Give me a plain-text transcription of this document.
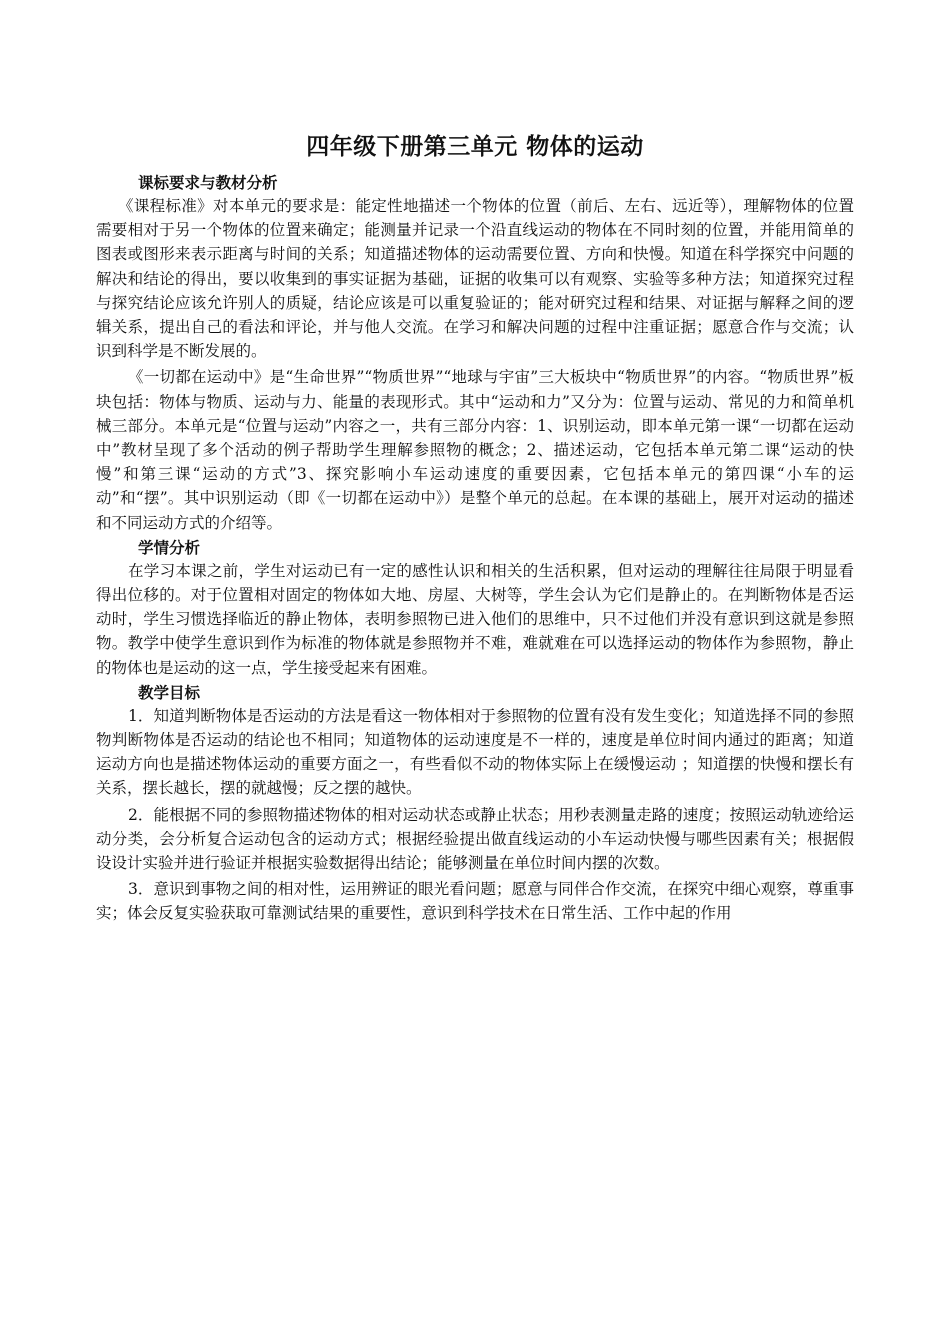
四年级下册第三单元 物体的运动
课标要求与教材分析

《课程标准》对本单元的要求是：能定性地描述一个物体的位置（前后、左右、远近等），理解物体的位置需要相对于另一个物体的位置来确定；能测量并记录一个沿直线运动的物体在不同时刻的位置，并能用简单的图表或图形来表示距离与时间的关系；知道描述物体的运动需要位置、方向和快慢。知道在科学探究中问题的解决和结论的得出，要以收集到的事实证据为基础，证据的收集可以有观察、实验等多种方法；知道探究过程与探究结论应该允许别人的质疑，结论应该是可以重复验证的；能对研究过程和结果、对证据与解释之间的逻辑关系，提出自己的看法和评论，并与他人交流。在学习和解决问题的过程中注重证据；愿意合作与交流；认识到科学是不断发展的。

《一切都在运动中》是“生命世界”“物质世界”“地球与宇宙”三大板块中“物质世界”的内容。“物质世界”板块包括：物体与物质、运动与力、能量的表现形式。其中“运动和力”又分为：位置与运动、常见的力和简单机械三部分。本单元是“位置与运动”内容之一，共有三部分内容：1、识别运动，即本单元第一课“一切都在运动中”教材呈现了多个活动的例子帮助学生理解参照物的概念；2、描述运动，它包括本单元第二课“运动的快慢”和第三课“运动的方式”3、探究影响小车运动速度的重要因素，它包括本单元的第四课“小车的运动”和“摆”。其中识别运动（即《一切都在运动中》）是整个单元的总起。在本课的基础上，展开对运动的描述和不同运动方式的介绍等。

学情分析

在学习本课之前，学生对运动已有一定的感性认识和相关的生活积累，但对运动的理解往往局限于明显看得出位移的。对于位置相对固定的物体如大地、房屋、大树等，学生会认为它们是静止的。在判断物体是否运动时，学生习惯选择临近的静止物体，表明参照物已进入他们的思维中，只不过他们并没有意识到这就是参照物。教学中使学生意识到作为标准的物体就是参照物并不难，难就难在可以选择运动的物体作为参照物，静止的物体也是运动的这一点，学生接受起来有困难。

教学目标

1．知道判断物体是否运动的方法是看这一物体相对于参照物的位置有没有发生变化；知道选择不同的参照物判断物体是否运动的结论也不相同；知道物体的运动速度是不一样的，速度是单位时间内通过的距离；知道运动方向也是描述物体运动的重要方面之一，有些看似不动的物体实际上在缓慢运动 ；知道摆的快慢和摆长有关系，摆长越长，摆的就越慢；反之摆的越快。

2．能根据不同的参照物描述物体的相对运动状态或静止状态；用秒表测量走路的速度；按照运动轨迹给运动分类，会分析复合运动包含的运动方式；根据经验提出做直线运动的小车运动快慢与哪些因素有关；根据假设设计实验并进行验证并根据实验数据得出结论；能够测量在单位时间内摆的次数。

3．意识到事物之间的相对性，运用辨证的眼光看问题；愿意与同伴合作交流，在探究中细心观察，尊重事实；体会反复实验获取可靠测试结果的重要性，意识到科学技术在日常生活、工作中起的作用
